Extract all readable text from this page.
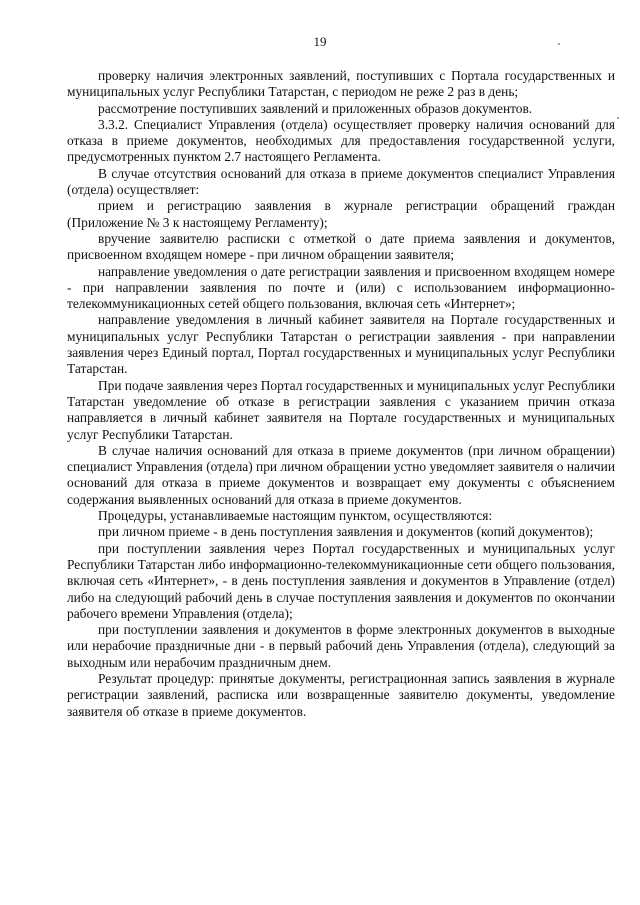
19

проверку наличия электронных заявлений, поступивших с Портала государственных и муниципальных услуг Республики Татарстан, с периодом не реже 2 раз в день;

рассмотрение поступивших заявлений и приложенных образов документов.

3.3.2. Специалист Управления (отдела) осуществляет проверку наличия оснований для отказа в приеме документов, необходимых для предоставления государственной услуги, предусмотренных пунктом 2.7 настоящего Регламента.

В случае отсутствия оснований для отказа в приеме документов специалист Управления (отдела) осуществляет:

прием и регистрацию заявления в журнале регистрации обращений граждан (Приложение № 3 к настоящему Регламенту);

вручение заявителю расписки с отметкой о дате приема заявления и документов, присвоенном входящем номере - при личном обращении заявителя;

направление уведомления о дате регистрации заявления и присвоенном входящем номере - при направлении заявления по почте и (или) с использованием информационно-телекоммуникационных сетей общего пользования, включая сеть «Интернет»;

направление уведомления в личный кабинет заявителя на Портале государственных и муниципальных услуг Республики Татарстан о регистрации заявления - при направлении заявления через Единый портал, Портал государственных и муниципальных услуг Республики Татарстан.

При подаче заявления через Портал государственных и муниципальных услуг Республики Татарстан уведомление об отказе в регистрации заявления с указанием причин отказа направляется в личный кабинет заявителя на Портале государственных и муниципальных услуг Республики Татарстан.

В случае наличия оснований для отказа в приеме документов (при личном обращении) специалист Управления (отдела) при личном обращении устно уведомляет заявителя о наличии оснований для отказа в приеме документов и возвращает ему документы с объяснением содержания выявленных оснований для отказа в приеме документов.

Процедуры, устанавливаемые настоящим пунктом, осуществляются:

при личном приеме - в день поступления заявления и документов (копий документов);

при поступлении заявления через Портал государственных и муниципальных услуг Республики Татарстан либо информационно-телекоммуникационные сети общего пользования, включая сеть «Интернет», - в день поступления заявления и документов в Управление (отдел) либо на следующий рабочий день в случае поступления заявления и документов по окончании рабочего времени Управления (отдела);

при поступлении заявления и документов в форме электронных документов в выходные или нерабочие праздничные дни - в первый рабочий день Управления (отдела), следующий за выходным или нерабочим праздничным днем.

Результат процедур: принятые документы, регистрационная запись заявления в журнале регистрации заявлений, расписка или возвращенные заявителю документы, уведомление заявителя об отказе в приеме документов.
